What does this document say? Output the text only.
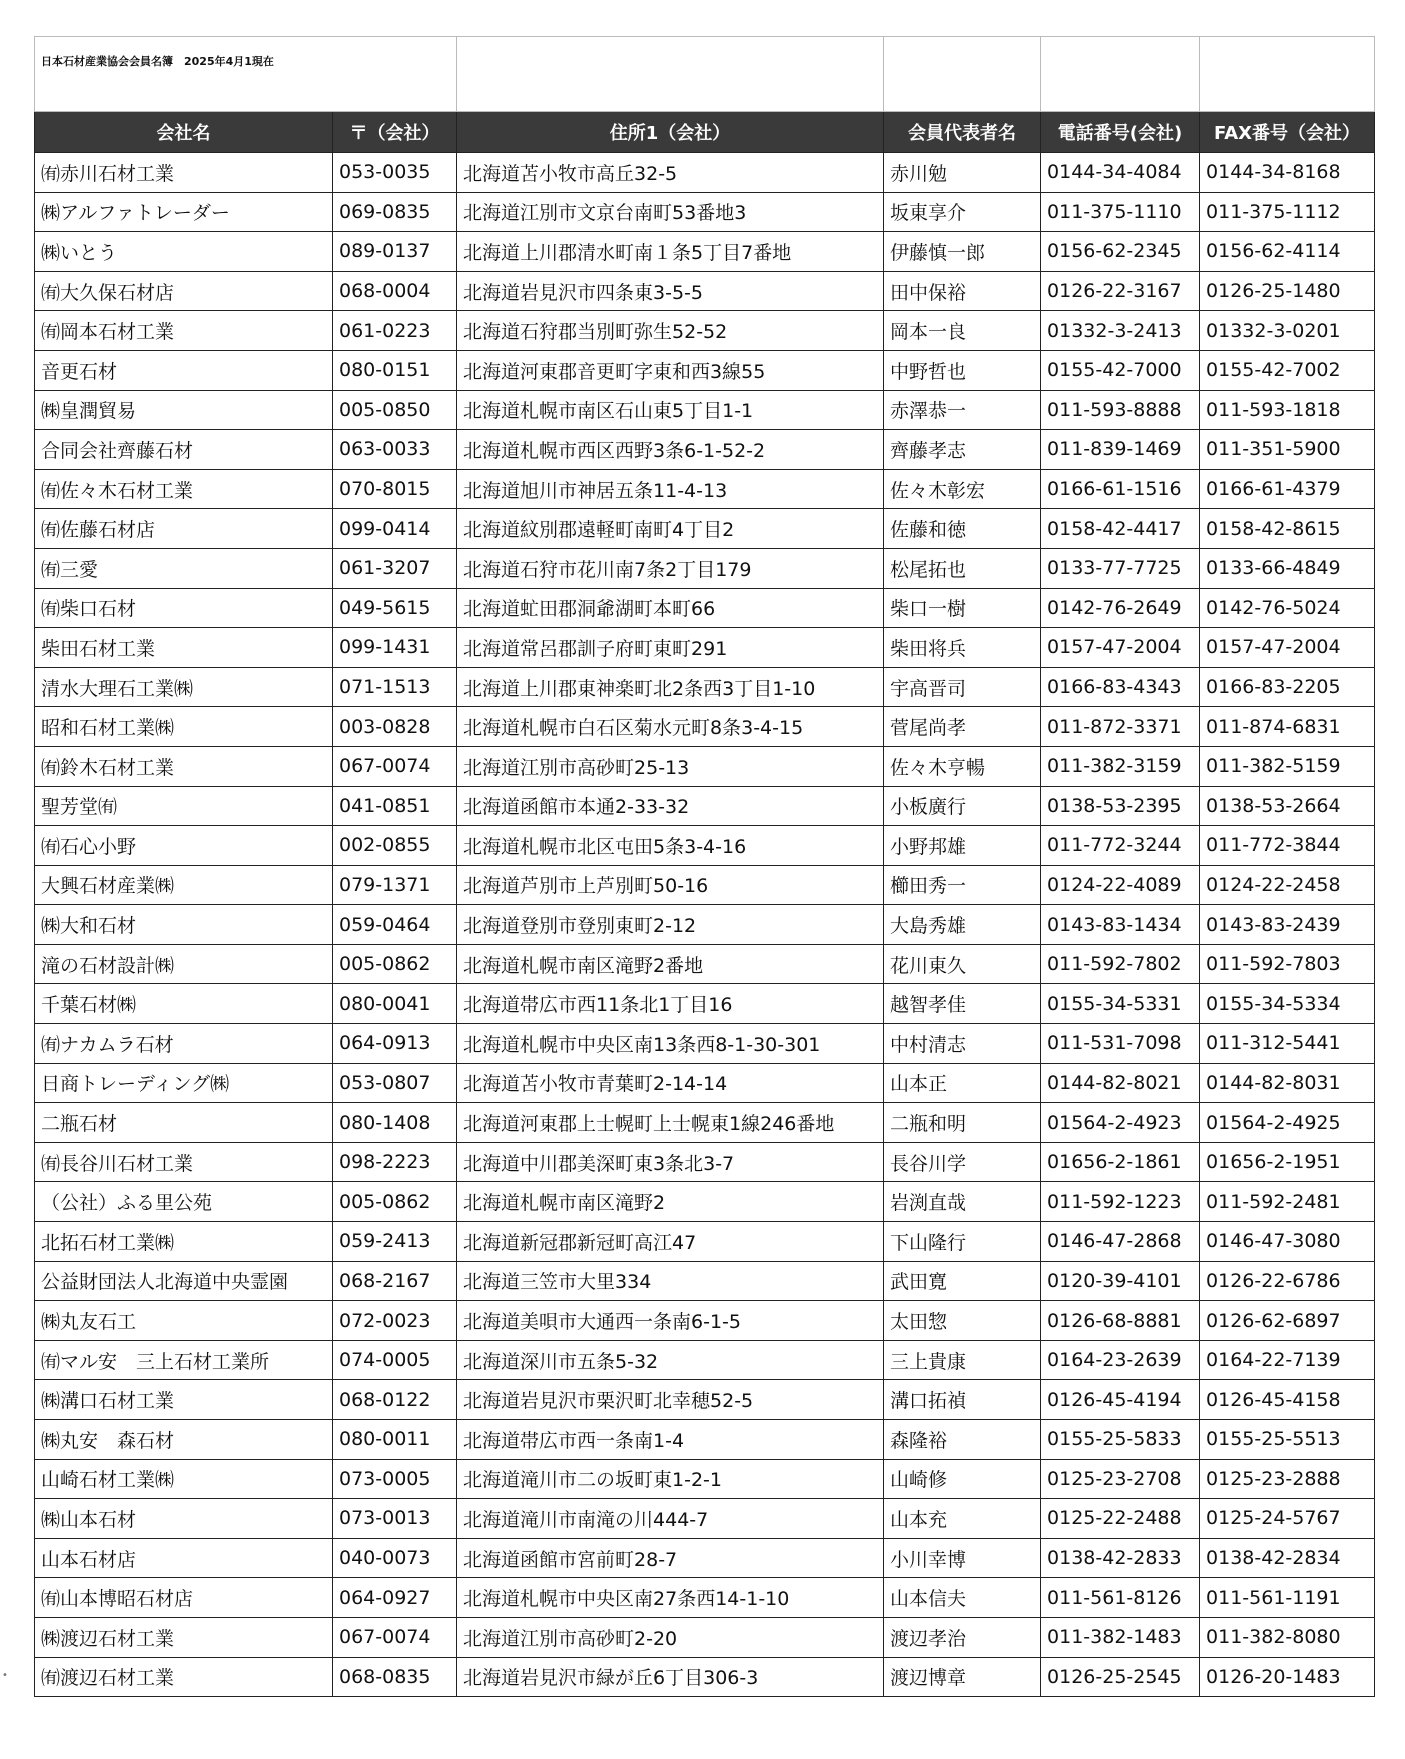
日本石材産業協会会員名簿　2025年4月1現在					
会社名	〒（会社）	住所1（会社）	会員代表者名	電話番号(会社)	FAX番号（会社）
㈲赤川石材工業	053-0035	北海道苫小牧市高丘32-5	赤川勉	0144-34-4084	0144-34-8168
㈱アルファトレーダー	069-0835	北海道江別市文京台南町53番地3	坂東享介	011-375-1110	011-375-1112
㈱いとう	089-0137	北海道上川郡清水町南１条5丁目7番地	伊藤慎一郎	0156-62-2345	0156-62-4114
㈲大久保石材店	068-0004	北海道岩見沢市四条東3-5-5	田中保裕	0126-22-3167	0126-25-1480
㈲岡本石材工業	061-0223	北海道石狩郡当別町弥生52-52	岡本一良	01332-3-2413	01332-3-0201
音更石材	080-0151	北海道河東郡音更町字東和西3線55	中野哲也	0155-42-7000	0155-42-7002
㈱皇潤貿易	005-0850	北海道札幌市南区石山東5丁目1-1	赤澤恭一	011-593-8888	011-593-1818
合同会社齊藤石材	063-0033	北海道札幌市西区西野3条6-1-52-2	齊藤孝志	011-839-1469	011-351-5900
㈲佐々木石材工業	070-8015	北海道旭川市神居五条11-4-13	佐々木彰宏	0166-61-1516	0166-61-4379
㈲佐藤石材店	099-0414	北海道紋別郡遠軽町南町4丁目2	佐藤和徳	0158-42-4417	0158-42-8615
㈲三愛	061-3207	北海道石狩市花川南7条2丁目179	松尾拓也	0133-77-7725	0133-66-4849
㈲柴口石材	049-5615	北海道虻田郡洞爺湖町本町66	柴口一樹	0142-76-2649	0142-76-5024
柴田石材工業	099-1431	北海道常呂郡訓子府町東町291	柴田将兵	0157-47-2004	0157-47-2004
清水大理石工業㈱	071-1513	北海道上川郡東神楽町北2条西3丁目1-10	宇高晋司	0166-83-4343	0166-83-2205
昭和石材工業㈱	003-0828	北海道札幌市白石区菊水元町8条3-4-15	菅尾尚孝	011-872-3371	011-874-6831
㈲鈴木石材工業	067-0074	北海道江別市高砂町25-13	佐々木亨暢	011-382-3159	011-382-5159
聖芳堂㈲	041-0851	北海道函館市本通2-33-32	小板廣行	0138-53-2395	0138-53-2664
㈲石心小野	002-0855	北海道札幌市北区屯田5条3-4-16	小野邦雄	011-772-3244	011-772-3844
大興石材産業㈱	079-1371	北海道芦別市上芦別町50-16	櫛田秀一	0124-22-4089	0124-22-2458
㈱大和石材	059-0464	北海道登別市登別東町2-12	大島秀雄	0143-83-1434	0143-83-2439
滝の石材設計㈱	005-0862	北海道札幌市南区滝野2番地	花川東久	011-592-7802	011-592-7803
千葉石材㈱	080-0041	北海道帯広市西11条北1丁目16	越智孝佳	0155-34-5331	0155-34-5334
㈲ナカムラ石材	064-0913	北海道札幌市中央区南13条西8-1-30-301	中村清志	011-531-7098	011-312-5441
日商トレーディング㈱	053-0807	北海道苫小牧市青葉町2-14-14	山本正	0144-82-8021	0144-82-8031
二瓶石材	080-1408	北海道河東郡上士幌町上士幌東1線246番地	二瓶和明	01564-2-4923	01564-2-4925
㈲長谷川石材工業	098-2223	北海道中川郡美深町東3条北3-7	長谷川学	01656-2-1861	01656-2-1951
（公社）ふる里公苑	005-0862	北海道札幌市南区滝野2	岩渕直哉	011-592-1223	011-592-2481
北拓石材工業㈱	059-2413	北海道新冠郡新冠町高江47	下山隆行	0146-47-2868	0146-47-3080
公益財団法人北海道中央霊園	068-2167	北海道三笠市大里334	武田寛	0120-39-4101	0126-22-6786
㈱丸友石工	072-0023	北海道美唄市大通西一条南6-1-5	太田惣	0126-68-8881	0126-62-6897
㈲マル安　三上石材工業所	074-0005	北海道深川市五条5-32	三上貴康	0164-23-2639	0164-22-7139
㈱溝口石材工業	068-0122	北海道岩見沢市栗沢町北幸穂52-5	溝口拓禎	0126-45-4194	0126-45-4158
㈱丸安　森石材	080-0011	北海道帯広市西一条南1-4	森隆裕	0155-25-5833	0155-25-5513
山崎石材工業㈱	073-0005	北海道滝川市二の坂町東1-2-1	山崎修	0125-23-2708	0125-23-2888
㈱山本石材	073-0013	北海道滝川市南滝の川444-7	山本充	0125-22-2488	0125-24-5767
山本石材店	040-0073	北海道函館市宮前町28-7	小川幸博	0138-42-2833	0138-42-2834
㈲山本博昭石材店	064-0927	北海道札幌市中央区南27条西14-1-10	山本信夫	011-561-8126	011-561-1191
㈱渡辺石材工業	067-0074	北海道江別市高砂町2-20	渡辺孝治	011-382-1483	011-382-8080
㈲渡辺石材工業	068-0835	北海道岩見沢市緑が丘6丁目306-3	渡辺博章	0126-25-2545	0126-20-1483
•
